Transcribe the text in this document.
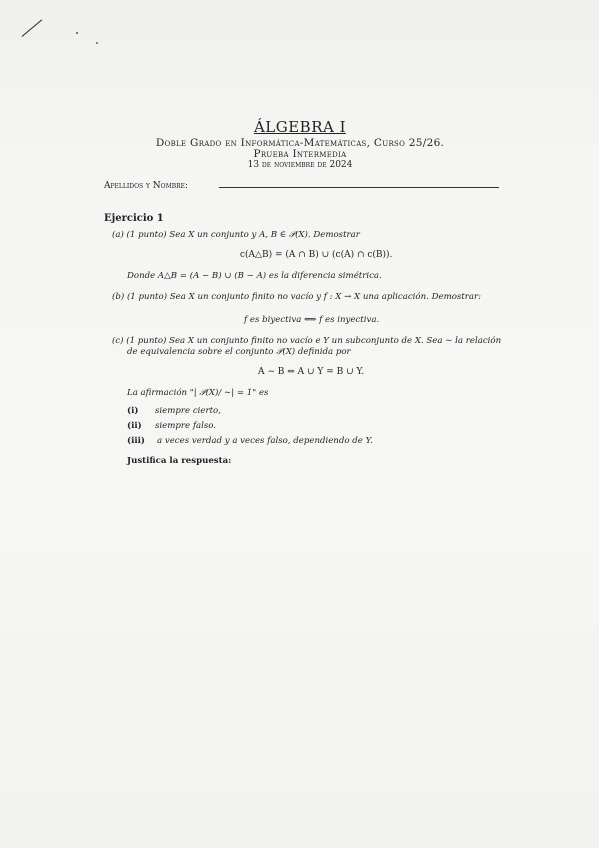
ÁLGEBRA I
Doble Grado en Informática-Matemáticas, Curso 25/26.
Prueba Intermedia
13 de noviembre de 2024
Apellidos y Nombre:
Ejercicio 1
(a) (1 punto) Sea X un conjunto y A, B ∈ 𝒫(X). Demostrar
c(A△B) = (A ∩ B) ∪ (c(A) ∩ c(B)).
Donde A△B = (A − B) ∪ (B − A) es la diferencia simétrica.
(b) (1 punto) Sea X un conjunto finito no vacío y f : X → X una aplicación. Demostrar:
f es biyectiva ⟺ f es inyectiva.
(c) (1 punto) Sea X un conjunto finito no vacío e Y un subconjunto de X. Sea ∼ la relación
de equivalencia sobre el conjunto 𝒫(X) definida por
A ∼ B ⇔ A ∪ Y = B ∪ Y.
La afirmación "| 𝒫(X)/ ∼| = 1" es
(i) siempre cierto,
(ii) siempre falso.
(iii) a veces verdad y a veces falso, dependiendo de Y.
Justifica la respuesta:
